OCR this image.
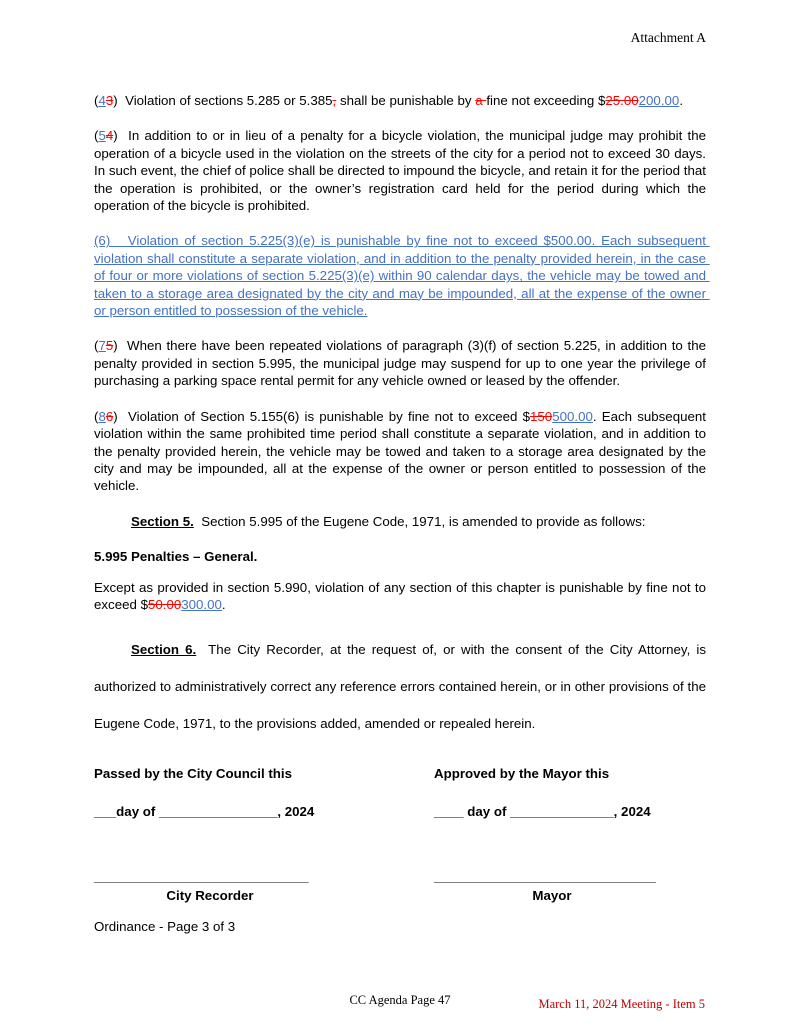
Attachment A

(43)  Violation of sections 5.285 or 5.385, shall be punishable by a fine not exceeding $25.00200.00.

(54)  In addition to or in lieu of a penalty for a bicycle violation, the municipal judge may prohibit the operation of a bicycle used in the violation on the streets of the city for a period not to exceed 30 days. In such event, the chief of police shall be directed to impound the bicycle, and retain it for the period that the operation is prohibited, or the owner’s registration card held for the period during which the operation of the bicycle is prohibited.

(6)   Violation of section 5.225(3)(e) is punishable by fine not to exceed $500.00. Each subsequent violation shall constitute a separate violation, and in addition to the penalty provided herein, in the case of four or more violations of section 5.225(3)(e) within 90 calendar days, the vehicle may be towed and taken to a storage area designated by the city and may be impounded, all at the expense of the owner or person entitled to possession of the vehicle.

(75)  When there have been repeated violations of paragraph (3)(f) of section 5.225, in addition to the penalty provided in section 5.995, the municipal judge may suspend for up to one year the privilege of purchasing a parking space rental permit for any vehicle owned or leased by the offender.

(86)  Violation of Section 5.155(6) is punishable by fine not to exceed $150500.00. Each subsequent violation within the same prohibited time period shall constitute a separate violation, and in addition to the penalty provided herein, the vehicle may be towed and taken to a storage area designated by the city and may be impounded, all at the expense of the owner or person entitled to possession of the vehicle.

Section 5.  Section 5.995 of the Eugene Code, 1971, is amended to provide as follows:

5.995 Penalties – General.

Except as provided in section 5.990, violation of any section of this chapter is punishable by fine not to exceed $50.00300.00.

Section 6.  The City Recorder, at the request of, or with the consent of the City Attorney, is authorized to administratively correct any reference errors contained herein, or in other provisions of the Eugene Code, 1971, to the provisions added, amended or repealed herein.

Passed by the City Council this	Approved by the Mayor this
___day of ________________, 2024	____ day of ______________, 2024
_____________________________
City Recorder
______________________________
Mayor
Ordinance - Page 3 of 3
CC Agenda Page 47	March 11, 2024 Meeting - Item 5
